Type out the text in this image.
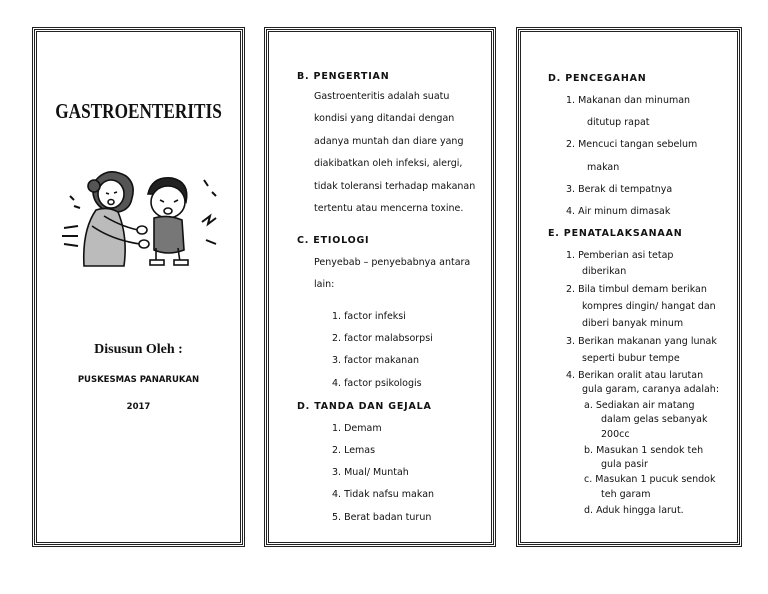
GASTROENTERITIS
Disusun Oleh :
PUSKESMAS PANARUKAN
2017
B. PENGERTIAN
Gastroenteritis adalah suatu
kondisi yang ditandai dengan
adanya muntah dan diare yang
diakibatkan oleh infeksi, alergi,
tidak toleransi terhadap makanan
tertentu atau mencerna toxine.
C. ETIOLOGI
Penyebab – penyebabnya antara
lain:
1. factor infeksi
2. factor malabsorpsi
3. factor makanan
4. factor psikologis
D. TANDA DAN GEJALA
1. Demam
2. Lemas
3. Mual/ Muntah
4. Tidak nafsu makan
5. Berat badan turun
D. PENCEGAHAN
1. Makanan dan minuman
ditutup rapat
2. Mencuci tangan sebelum
makan
3. Berak di tempatnya
4. Air minum dimasak
E. PENATALAKSANAAN
1. Pemberian asi tetap
diberikan
2. Bila timbul demam berikan
kompres dingin/ hangat dan
diberi banyak minum
3. Berikan makanan yang lunak
seperti bubur tempe
4. Berikan oralit atau larutan
gula garam, caranya adalah:
a. Sediakan air matang
dalam gelas sebanyak
200cc
b. Masukan 1 sendok teh
gula pasir
c. Masukan 1 pucuk sendok
teh garam
d. Aduk hingga larut.
